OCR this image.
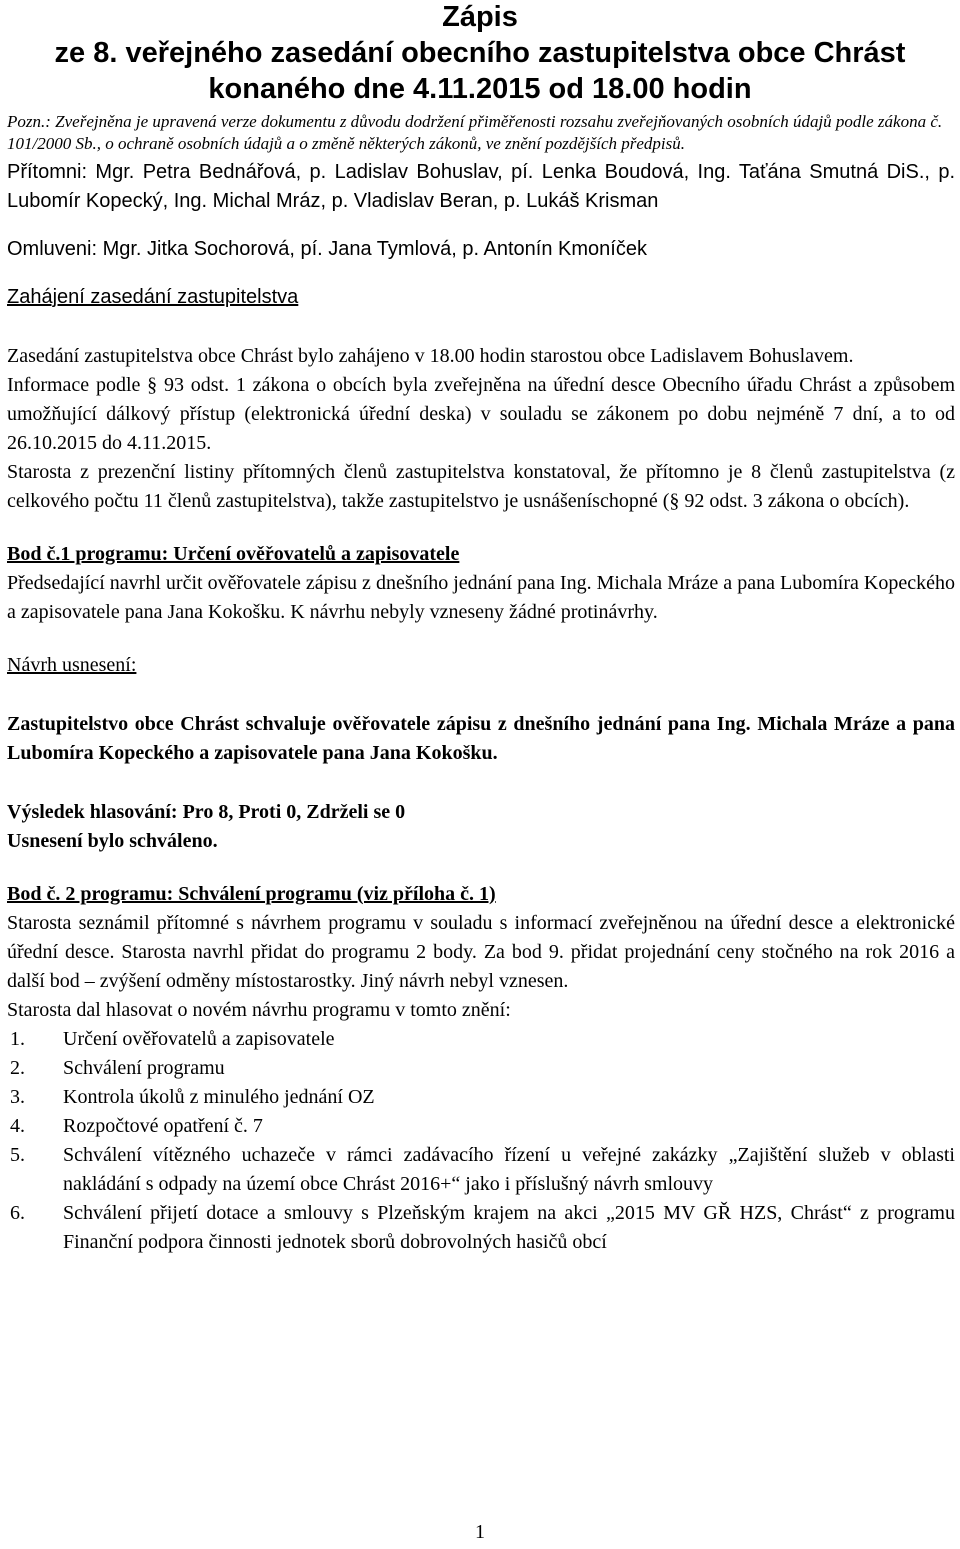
Zápis
ze 8. veřejného zasedání obecního zastupitelstva obce Chrást
konaného dne 4.11.2015 od 18.00 hodin

Pozn.: Zveřejněna je upravená verze dokumentu z důvodu dodržení přiměřenosti rozsahu zveřejňovaných osobních údajů podle zákona č. 101/2000 Sb., o ochraně osobních údajů a o změně některých zákonů, ve znění pozdějších předpisů.

Přítomni: Mgr. Petra Bednářová, p. Ladislav Bohuslav, pí. Lenka Boudová, Ing. Taťána Smutná DiS., p. Lubomír Kopecký, Ing. Michal Mráz, p. Vladislav Beran, p. Lukáš Krisman

Omluveni: Mgr. Jitka Sochorová, pí. Jana Tymlová, p. Antonín Kmoníček

Zahájení zasedání zastupitelstva

Zasedání zastupitelstva obce Chrást bylo zahájeno v 18.00 hodin starostou obce Ladislavem Bohuslavem.

Informace podle § 93 odst. 1 zákona o obcích byla zveřejněna na úřední desce Obecního úřadu Chrást a způsobem umožňující dálkový přístup (elektronická úřední deska) v souladu se zákonem po dobu nejméně 7 dní, a to od 26.10.2015 do 4.11.2015.

Starosta z prezenční listiny přítomných členů zastupitelstva konstatoval, že přítomno je 8 členů zastupitelstva (z celkového počtu 11 členů zastupitelstva), takže zastupitelstvo je usnášeníschopné (§ 92 odst. 3 zákona o obcích).

Bod č.1 programu: Určení ověřovatelů a zapisovatele

Předsedající navrhl určit ověřovatele zápisu z dnešního jednání pana Ing. Michala Mráze a pana Lubomíra Kopeckého a zapisovatele pana Jana Kokošku. K návrhu nebyly vzneseny žádné protinávrhy.

Návrh usnesení:

Zastupitelstvo obce Chrást schvaluje ověřovatele zápisu z dnešního jednání pana Ing. Michala Mráze a pana Lubomíra Kopeckého a zapisovatele pana Jana Kokošku.

Výsledek hlasování: Pro 8, Proti 0, Zdrželi se 0

Usnesení bylo schváleno.

Bod č. 2 programu: Schválení programu (viz příloha č. 1)

Starosta seznámil přítomné s návrhem programu v souladu s informací zveřejněnou na úřední desce a elektronické úřední desce. Starosta navrhl přidat do programu 2 body. Za bod 9. přidat projednání ceny stočného na rok 2016 a další bod – zvýšení odměny místostarostky. Jiný návrh nebyl vznesen.

Starosta dal hlasovat o novém návrhu programu v tomto znění:

1. Určení ověřovatelů a zapisovatele
2. Schválení programu
3. Kontrola úkolů z minulého jednání OZ
4. Rozpočtové opatření č. 7
5. Schválení vítězného uchazeče v rámci zadávacího řízení u veřejné zakázky „Zajištění služeb v oblasti nakládání s odpady na území obce Chrást 2016+“ jako i příslušný návrh smlouvy
6. Schválení přijetí dotace a smlouvy s Plzeňským krajem na akci „2015 MV GŘ HZS, Chrást“ z programu Finanční podpora činnosti jednotek sborů dobrovolných hasičů obcí
1
